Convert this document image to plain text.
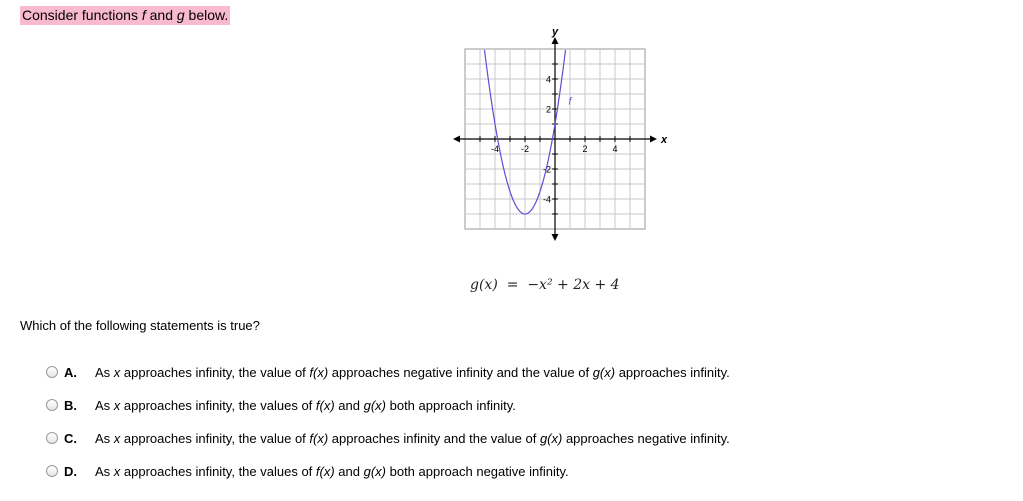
Consider functions f and g below.
-4 -2	2	4
4
2
-2
-4
x
y
f
g(x) = −x² + 2x + 4
Which of the following statements is true?
A.	As x approaches infinity, the value of f(x) approaches negative infinity and the value of g(x) approaches infinity.
B.	As x approaches infinity, the values of f(x) and g(x) both approach infinity.
C.	As x approaches infinity, the value of f(x) approaches infinity and the value of g(x) approaches negative infinity.
D.	As x approaches infinity, the values of f(x) and g(x) both approach negative infinity.
